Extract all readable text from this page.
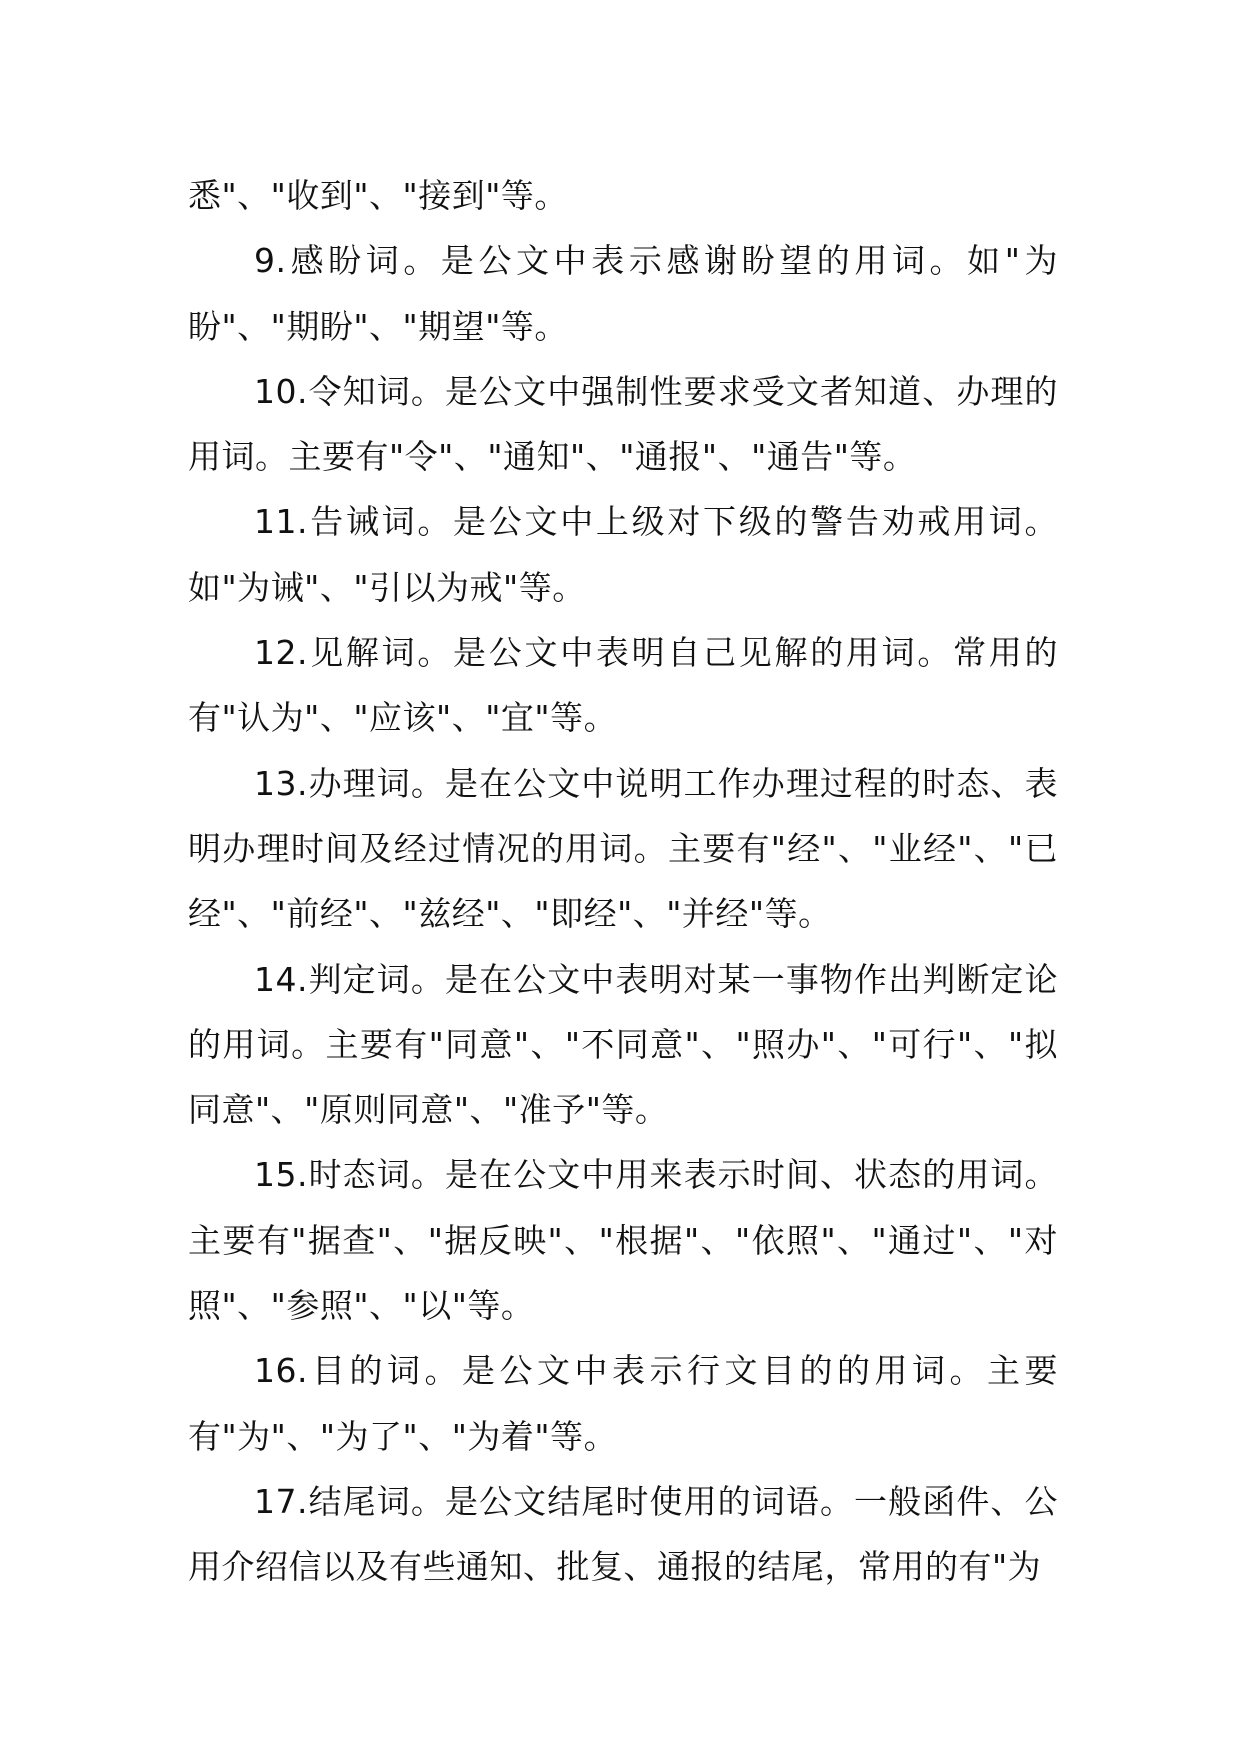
悉"、"收到"、"接到"等。

9.感盼词。是公文中表示感谢盼望的用词。如"为盼"、"期盼"、"期望"等。

10.令知词。是公文中强制性要求受文者知道、办理的用词。主要有"令"、"通知"、"通报"、"通告"等。

11.告诫词。是公文中上级对下级的警告劝戒用词。如"为诫"、"引以为戒"等。

12.见解词。是公文中表明自己见解的用词。常用的有"认为"、"应该"、"宜"等。

13.办理词。是在公文中说明工作办理过程的时态、表明办理时间及经过情况的用词。主要有"经"、"业经"、"已经"、"前经"、"兹经"、"即经"、"并经"等。

14.判定词。是在公文中表明对某一事物作出判断定论的用词。主要有"同意"、"不同意"、"照办"、"可行"、"拟同意"、"原则同意"、"准予"等。

15.时态词。是在公文中用来表示时间、状态的用词。主要有"据查"、"据反映"、"根据"、"依照"、"通过"、"对照"、"参照"、"以"等。

16.目的词。是公文中表示行文目的的用词。主要有"为"、"为了"、"为着"等。

17.结尾词。是公文结尾时使用的词语。一般函件、公用介绍信以及有些通知、批复、通报的结尾，常用的有"为
